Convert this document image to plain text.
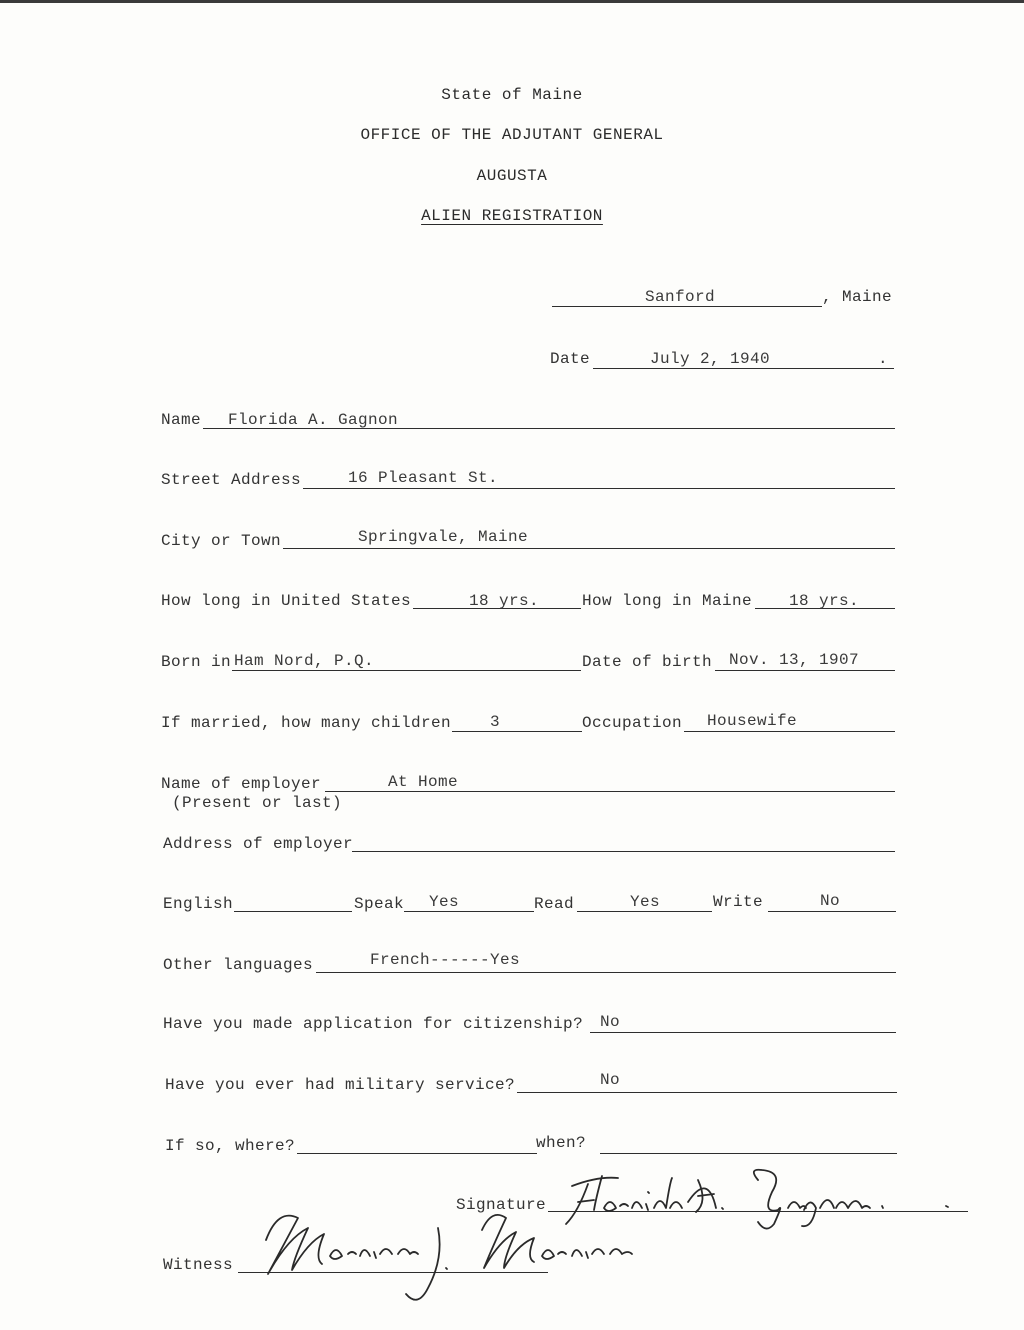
State of Maine
OFFICE OF THE ADJUTANT GENERAL
AUGUSTA
ALIEN REGISTRATION
Sanford	, Maine
Date	July 2, 1940	.
Name Florida A. Gagnon
Street Address	16 Pleasant St.
City or Town	Springvale, Maine
How long in United States	18 yrs.	How long in Maine 18 yrs.
Born in Ham Nord, P.Q.	Date of birth Nov. 13, 1907
If married, how many children 3	Occupation Housewife
Name of employer
(Present or last)
At Home
Address of employer
English	Speak Yes	Read	Yes	Write	No
Other languages	French------Yes
Have you made application for citizenship? No
Have you ever had military service?	No
If so, where?	when?
Signature
Witness
